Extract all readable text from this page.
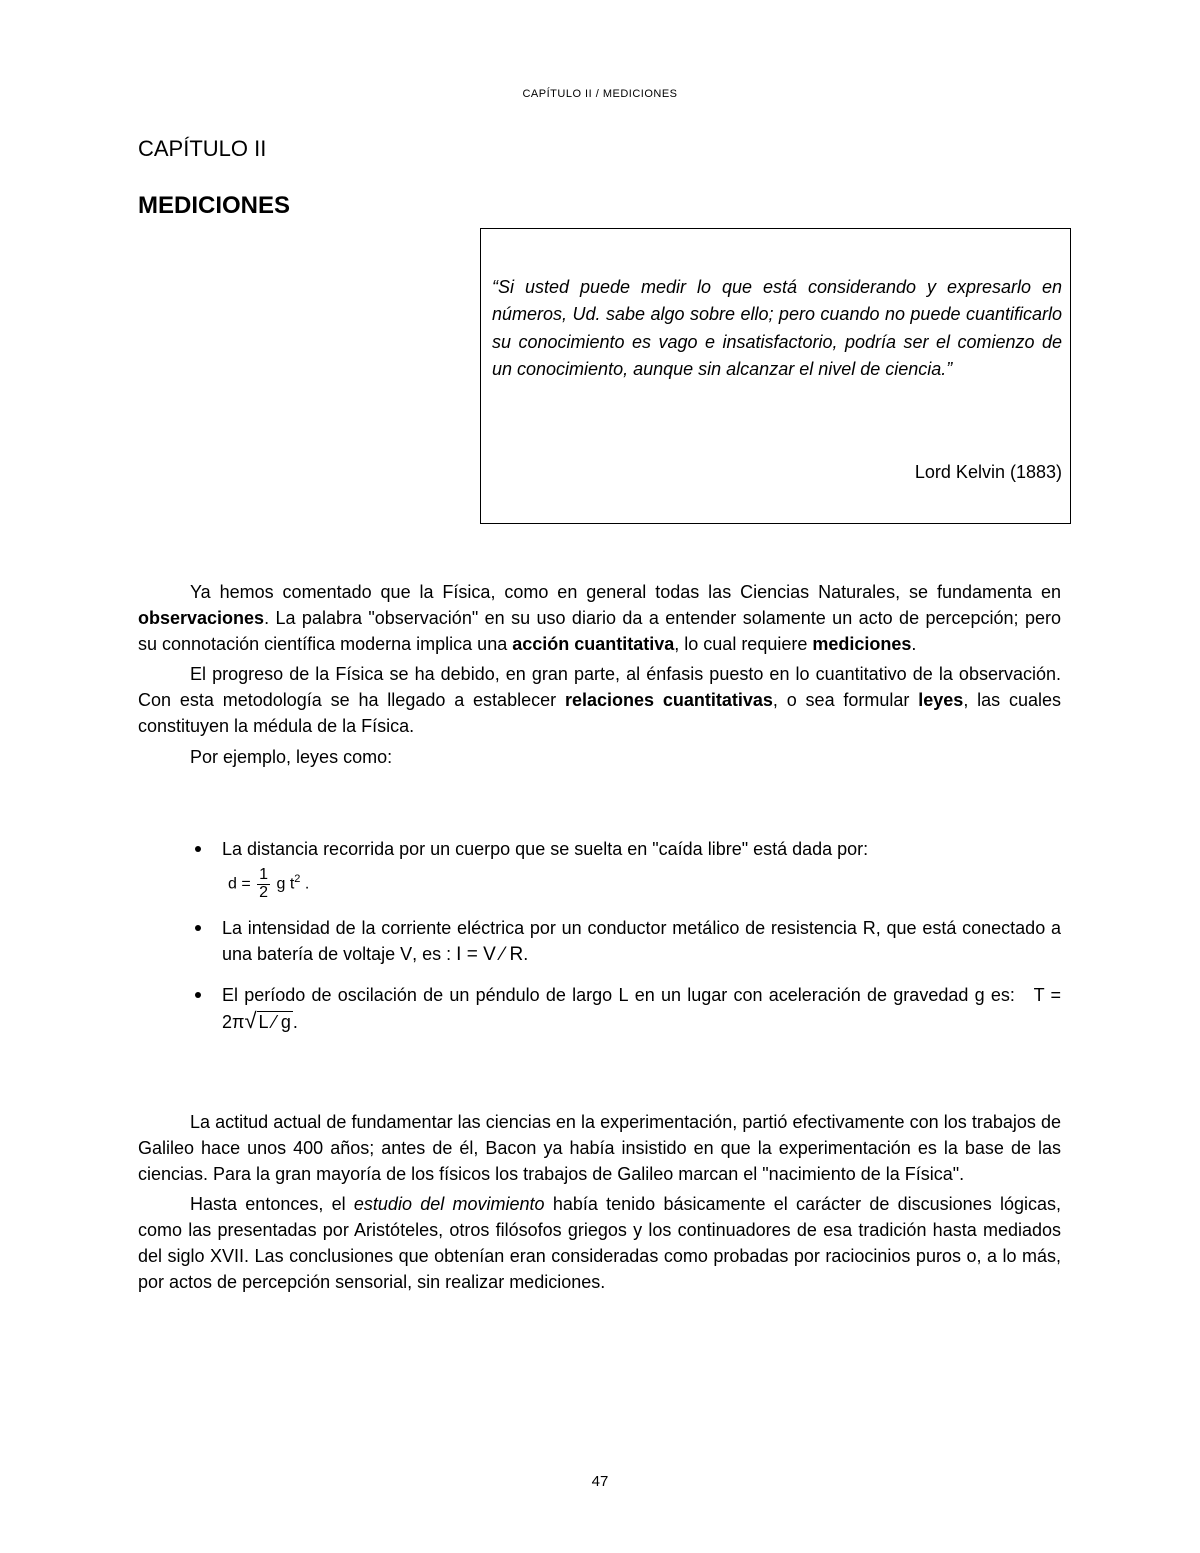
CAPÍTULO II / MEDICIONES
CAPÍTULO II
MEDICIONES
“Si usted puede medir lo que está considerando y expresarlo en números, Ud. sabe algo sobre ello; pero cuando no puede cuantificarlo su conocimiento es vago e insatisfactorio, podría ser el comienzo de un conocimiento, aunque sin alcanzar el nivel de ciencia.”
Lord Kelvin (1883)

Ya hemos comentado que la Física, como en general todas las Ciencias Naturales, se fundamenta en observaciones. La palabra "observación" en su uso diario da a entender solamente un acto de percepción; pero su connotación científica moderna implica una acción cuantitativa, lo cual requiere mediciones.

El progreso de la Física se ha debido, en gran parte, al énfasis puesto en lo cuantitativo de la observación. Con esta metodología se ha llegado a establecer relaciones cuantitativas, o sea formular leyes, las cuales constituyen la médula de la Física.

Por ejemplo, leyes como:

La distancia recorrida por un cuerpo que se suelta en "caída libre" está dada por:
$d = \frac{1}{2}$ g $t^2$ .
La intensidad de la corriente eléctrica por un conductor metálico de resistencia R, que está conectado a una batería de voltaje V, es : I = V ⁄ R.
El período de oscilación de un péndulo de largo L en un lugar con aceleración de gravedad g es:   T = 2π√ L ⁄ g .

La actitud actual de fundamentar las ciencias en la experimentación, partió efectivamente con los trabajos de Galileo hace unos 400 años; antes de él, Bacon ya había insistido en que la experimentación es la base de las ciencias. Para la gran mayoría de los físicos los trabajos de Galileo marcan el "nacimiento de la Física".

Hasta entonces, el estudio del movimiento había tenido básicamente el carácter de discusiones lógicas, como las presentadas por Aristóteles, otros filósofos griegos y los continuadores de esa tradición hasta mediados del siglo XVII. Las conclusiones que obtenían eran consideradas como probadas por raciocinios puros o, a lo más, por actos de percepción sensorial, sin realizar mediciones.

47
